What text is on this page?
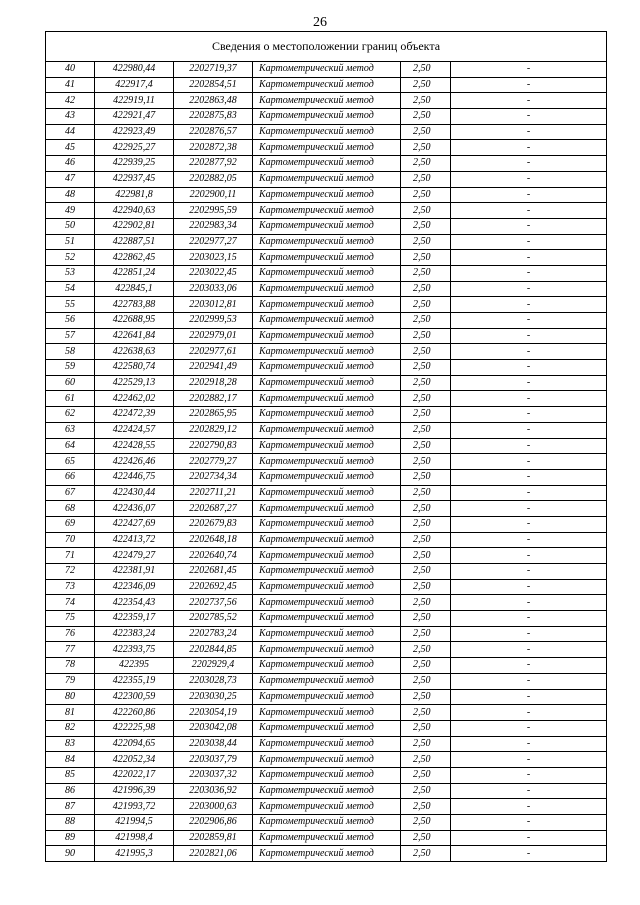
26
Сведения о местоположении границ объекта					
40	422980,44	2202719,37	Картометрический метод	2,50	-
41	422917,4	2202854,51	Картометрический метод	2,50	-
42	422919,11	2202863,48	Картометрический метод	2,50	-
43	422921,47	2202875,83	Картометрический метод	2,50	-
44	422923,49	2202876,57	Картометрический метод	2,50	-
45	422925,27	2202872,38	Картометрический метод	2,50	-
46	422939,25	2202877,92	Картометрический метод	2,50	-
47	422937,45	2202882,05	Картометрический метод	2,50	-
48	422981,8	2202900,11	Картометрический метод	2,50	-
49	422940,63	2202995,59	Картометрический метод	2,50	-
50	422902,81	2202983,34	Картометрический метод	2,50	-
51	422887,51	2202977,27	Картометрический метод	2,50	-
52	422862,45	2203023,15	Картометрический метод	2,50	-
53	422851,24	2203022,45	Картометрический метод	2,50	-
54	422845,1	2203033,06	Картометрический метод	2,50	-
55	422783,88	2203012,81	Картометрический метод	2,50	-
56	422688,95	2202999,53	Картометрический метод	2,50	-
57	422641,84	2202979,01	Картометрический метод	2,50	-
58	422638,63	2202977,61	Картометрический метод	2,50	-
59	422580,74	2202941,49	Картометрический метод	2,50	-
60	422529,13	2202918,28	Картометрический метод	2,50	-
61	422462,02	2202882,17	Картометрический метод	2,50	-
62	422472,39	2202865,95	Картометрический метод	2,50	-
63	422424,57	2202829,12	Картометрический метод	2,50	-
64	422428,55	2202790,83	Картометрический метод	2,50	-
65	422426,46	2202779,27	Картометрический метод	2,50	-
66	422446,75	2202734,34	Картометрический метод	2,50	-
67	422430,44	2202711,21	Картометрический метод	2,50	-
68	422436,07	2202687,27	Картометрический метод	2,50	-
69	422427,69	2202679,83	Картометрический метод	2,50	-
70	422413,72	2202648,18	Картометрический метод	2,50	-
71	422479,27	2202640,74	Картометрический метод	2,50	-
72	422381,91	2202681,45	Картометрический метод	2,50	-
73	422346,09	2202692,45	Картометрический метод	2,50	-
74	422354,43	2202737,56	Картометрический метод	2,50	-
75	422359,17	2202785,52	Картометрический метод	2,50	-
76	422383,24	2202783,24	Картометрический метод	2,50	-
77	422393,75	2202844,85	Картометрический метод	2,50	-
78	422395	2202929,4	Картометрический метод	2,50	-
79	422355,19	2203028,73	Картометрический метод	2,50	-
80	422300,59	2203030,25	Картометрический метод	2,50	-
81	422260,86	2203054,19	Картометрический метод	2,50	-
82	422225,98	2203042,08	Картометрический метод	2,50	-
83	422094,65	2203038,44	Картометрический метод	2,50	-
84	422052,34	2203037,79	Картометрический метод	2,50	-
85	422022,17	2203037,32	Картометрический метод	2,50	-
86	421996,39	2203036,92	Картометрический метод	2,50	-
87	421993,72	2203000,63	Картометрический метод	2,50	-
88	421994,5	2202906,86	Картометрический метод	2,50	-
89	421998,4	2202859,81	Картометрический метод	2,50	-
90	421995,3	2202821,06	Картометрический метод	2,50	-
